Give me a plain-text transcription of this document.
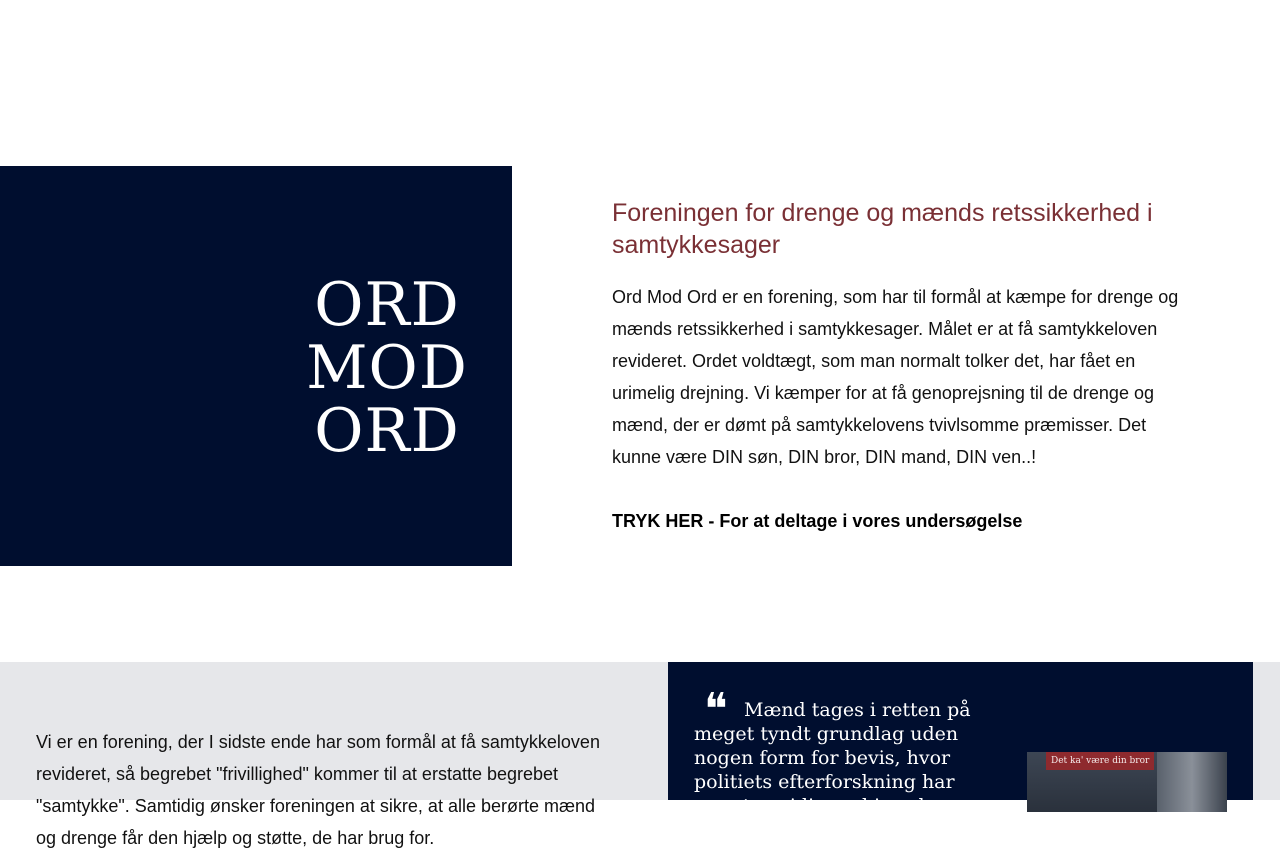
ORD
MOD
ORD
Foreningen for drenge og mænds retssikkerhed i samtykkesager

Ord Mod Ord er en forening, som har til formål at kæmpe for drenge og mænds retssikkerhed i samtykkesager. Målet er at få samtykkeloven revideret. Ordet voldtægt, som man normalt tolker det, har fået en urimelig drejning. Vi kæmper for at få genoprejsning til de drenge og mænd, der er dømt på samtykkelovens tvivlsomme præmisser. Det kunne være DIN søn, DIN bror, DIN mand, DIN ven..!

TRYK HER - For at deltage i vores undersøgelse

Vi er en forening, der I sidste ende har som formål at få samtykkeloven revideret, så begrebet "frivillighed" kommer til at erstatte begrebet "samtykke". Samtidig ønsker foreningen at sikre, at alle berørte mænd og drenge får den hjælp og støtte, de har brug for.

❝ Mænd tages i retten på meget tyndt grundlag uden nogen form for bevis, hvor politiets efterforskning har været ensidig og biased.

Det ka' være din bror
